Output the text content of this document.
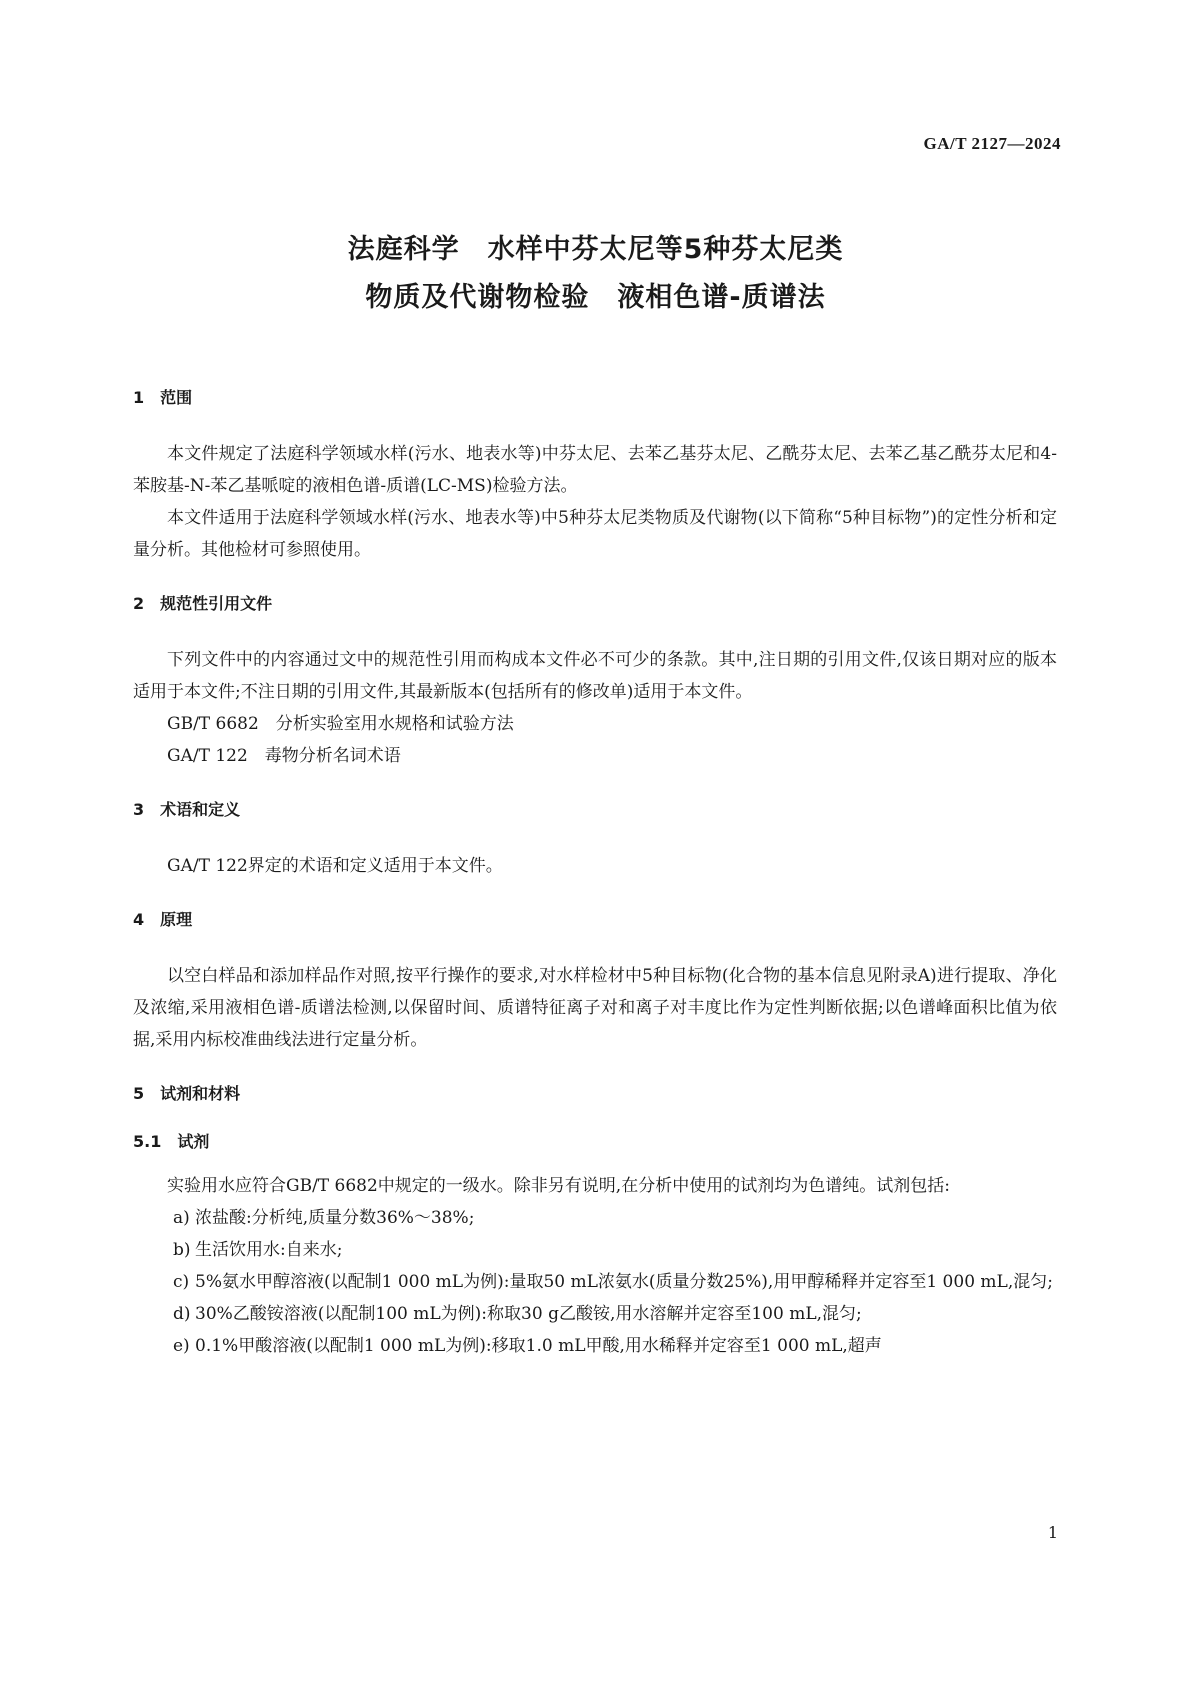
GA/T 2127—2024
法庭科学　水样中芬太尼等5种芬太尼类
物质及代谢物检验　液相色谱-质谱法
1　范围

本文件规定了法庭科学领域水样(污水、地表水等)中芬太尼、去苯乙基芬太尼、乙酰芬太尼、去苯乙基乙酰芬太尼和4-苯胺基-N-苯乙基哌啶的液相色谱-质谱(LC-MS)检验方法。

本文件适用于法庭科学领域水样(污水、地表水等)中5种芬太尼类物质及代谢物(以下简称“5种目标物”)的定性分析和定量分析。其他检材可参照使用。

2　规范性引用文件

下列文件中的内容通过文中的规范性引用而构成本文件必不可少的条款。其中,注日期的引用文件,仅该日期对应的版本适用于本文件;不注日期的引用文件,其最新版本(包括所有的修改单)适用于本文件。

GB/T 6682　分析实验室用水规格和试验方法
GA/T 122　毒物分析名词术语
3　术语和定义

GA/T 122界定的术语和定义适用于本文件。

4　原理

以空白样品和添加样品作对照,按平行操作的要求,对水样检材中5种目标物(化合物的基本信息见附录A)进行提取、净化及浓缩,采用液相色谱-质谱法检测,以保留时间、质谱特征离子对和离子对丰度比作为定性判断依据;以色谱峰面积比值为依据,采用内标校准曲线法进行定量分析。

5　试剂和材料
5.1　试剂

实验用水应符合GB/T 6682中规定的一级水。除非另有说明,在分析中使用的试剂均为色谱纯。试剂包括:

a) 浓盐酸:分析纯,质量分数36%～38%;
b) 生活饮用水:自来水;
c) 5%氨水甲醇溶液(以配制1 000 mL为例):量取50 mL浓氨水(质量分数25%),用甲醇稀释并定容至1 000 mL,混匀;
d) 30%乙酸铵溶液(以配制100 mL为例):称取30 g乙酸铵,用水溶解并定容至100 mL,混匀;
e) 0.1%甲酸溶液(以配制1 000 mL为例):移取1.0 mL甲酸,用水稀释并定容至1 000 mL,超声
1
